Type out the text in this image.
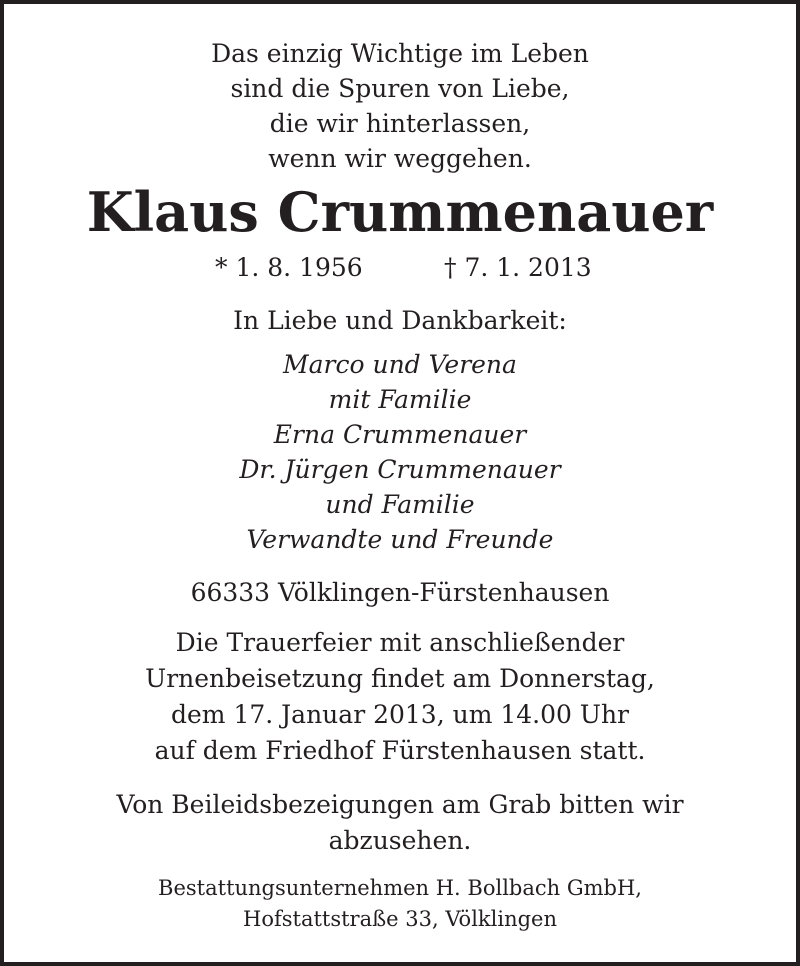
Das einzig Wichtige im Leben
sind die Spuren von Liebe,
die wir hinterlassen,
wenn wir weggehen.
Klaus Crummenauer
* 1. 8. 1956	† 7. 1. 2013
In Liebe und Dankbarkeit:
Marco und Verena
mit Familie
Erna Crummenauer
Dr. Jürgen Crummenauer
und Familie
Verwandte und Freunde
66333 Völklingen-Fürstenhausen
Die Trauerfeier mit anschließender
Urnenbeisetzung findet am Donnerstag,
dem 17. Januar 2013, um 14.00 Uhr
auf dem Friedhof Fürstenhausen statt.
Von Beileidsbezeigungen am Grab bitten wir
abzusehen.
Bestattungsunternehmen H. Bollbach GmbH,
Hofstattstraße 33, Völklingen
